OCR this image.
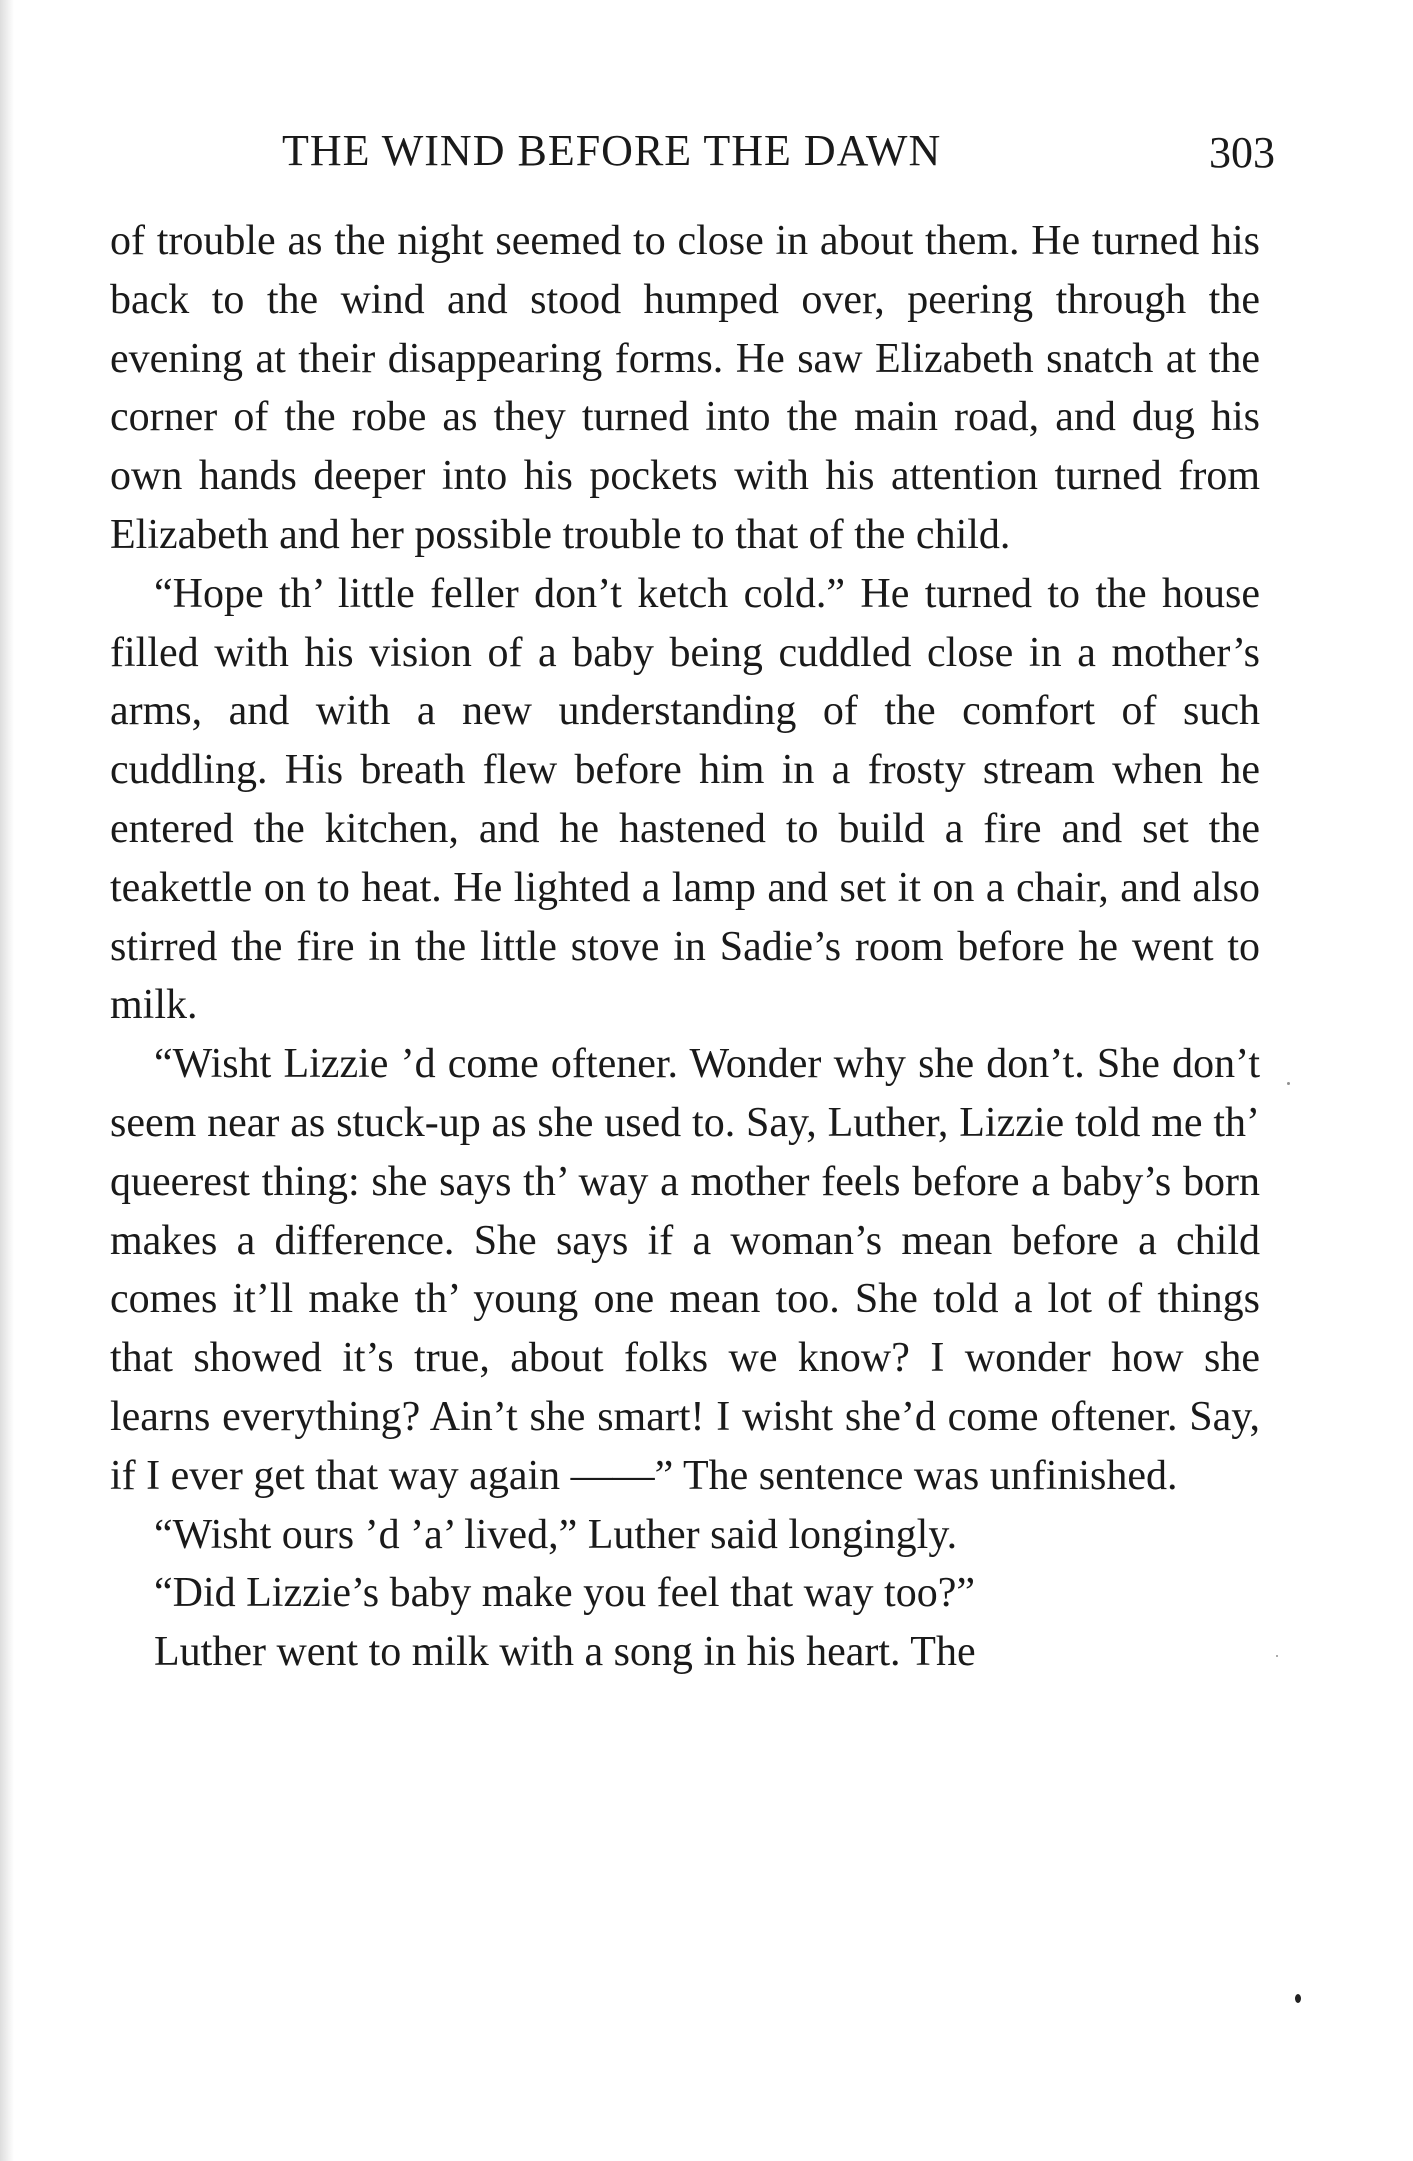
THE WIND BEFORE THE DAWN	303

of trouble as the night seemed to close in about them. He turned his back to the wind and stood humped over, peering through the evening at their disappearing forms. He saw Elizabeth snatch at the corner of the robe as they turned into the main road, and dug his own hands deeper into his pockets with his attention turned from Elizabeth and her possible trouble to that of the child.

“Hope th’ little feller don’t ketch cold.” He turned to the house filled with his vision of a baby being cuddled close in a mother’s arms, and with a new understanding of the comfort of such cuddling. His breath flew before him in a frosty stream when he entered the kitchen, and he hastened to build a fire and set the teakettle on to heat. He lighted a lamp and set it on a chair, and also stirred the fire in the little stove in Sadie’s room before he went to milk.

“Wisht Lizzie ’d come oftener. Wonder why she don’t. She don’t seem near as stuck-up as she used to. Say, Luther, Lizzie told me th’ queerest thing: she says th’ way a mother feels before a baby’s born makes a difference. She says if a woman’s mean before a child comes it’ll make th’ young one mean too. She told a lot of things that showed it’s true, about folks we know? I wonder how she learns everything? Ain’t she smart! I wisht she’d come oftener. Say, if I ever get that way again ——” The sentence was unfinished.

“Wisht ours ’d ’a’ lived,” Luther said longingly.

“Did Lizzie’s baby make you feel that way too?”

Luther went to milk with a song in his heart. The
